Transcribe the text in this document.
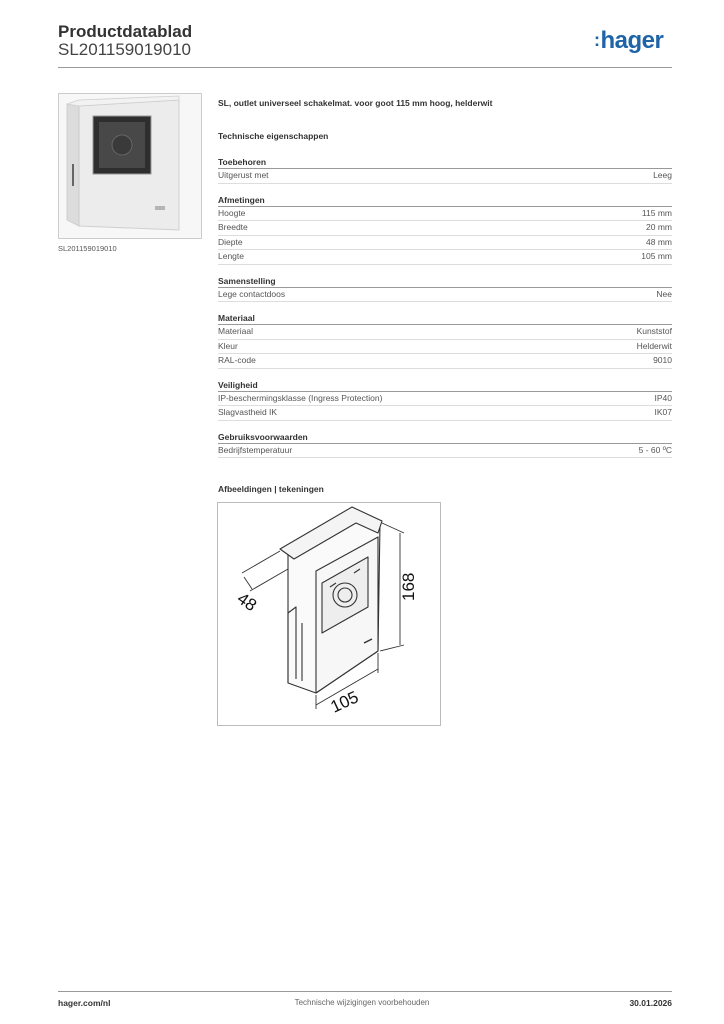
Productdatablad
SL201159019010	:hager
SL201159019010
SL, outlet universeel schakelmat. voor goot 115 mm hoog, helderwit
Technische eigenschappen
Toebehoren
Uitgerust met	Leeg
Afmetingen
Hoogte	115 mm
Breedte	20 mm
Diepte	48 mm
Lengte	105 mm
Samenstelling
Lege contactdoos	Nee
Materiaal
Materiaal	Kunststof
Kleur	Helderwit
RAL-code	9010
Veiligheid
IP-beschermingsklasse (Ingress Protection)	IP40
Slagvastheid IK	IK07
Gebruiksvoorwaarden
Bedrijfstemperatuur	5 - 60 ºC
Afbeeldingen | tekeningen
48
168
105
hager.com/nl	Technische wijzigingen voorbehouden	30.01.2026
